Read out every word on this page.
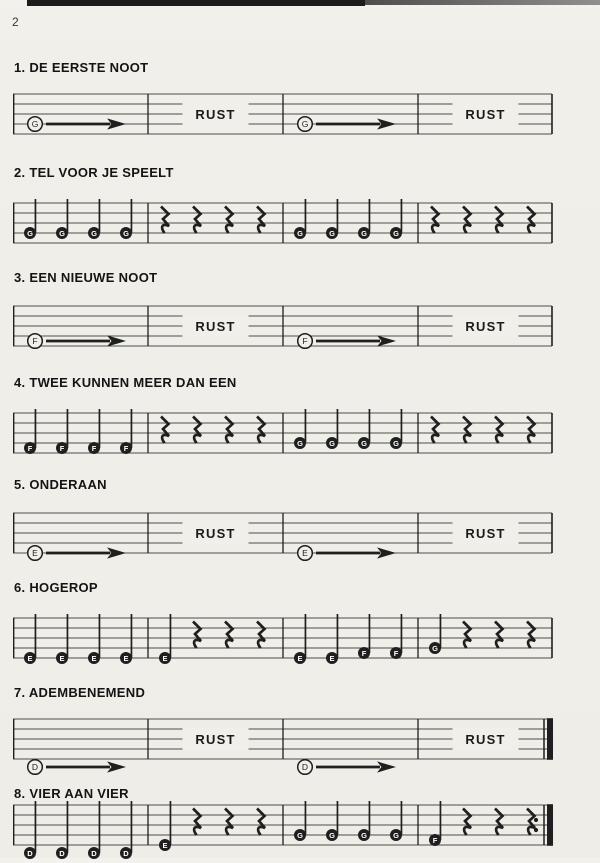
2
1. DE EERSTE NOOT
G
RUST
G
RUST
2. TEL VOOR JE SPEELT
G	G	G	G	G	G	G	G
3. EEN NIEUWE NOOT
F
RUST
F
RUST
4. TWEE KUNNEN MEER DAN EEN
F	F	F	F
G	G	G	G
5. ONDERAAN
E
RUST
E
RUST
6. HOGEROP
E	E	E	E	E	E	E
F	F
G
7. ADEMBENEMEND
D
RUST
D
RUST
8. VIER AAN VIER
D	D	D	D
E
G	G	G	G
F
